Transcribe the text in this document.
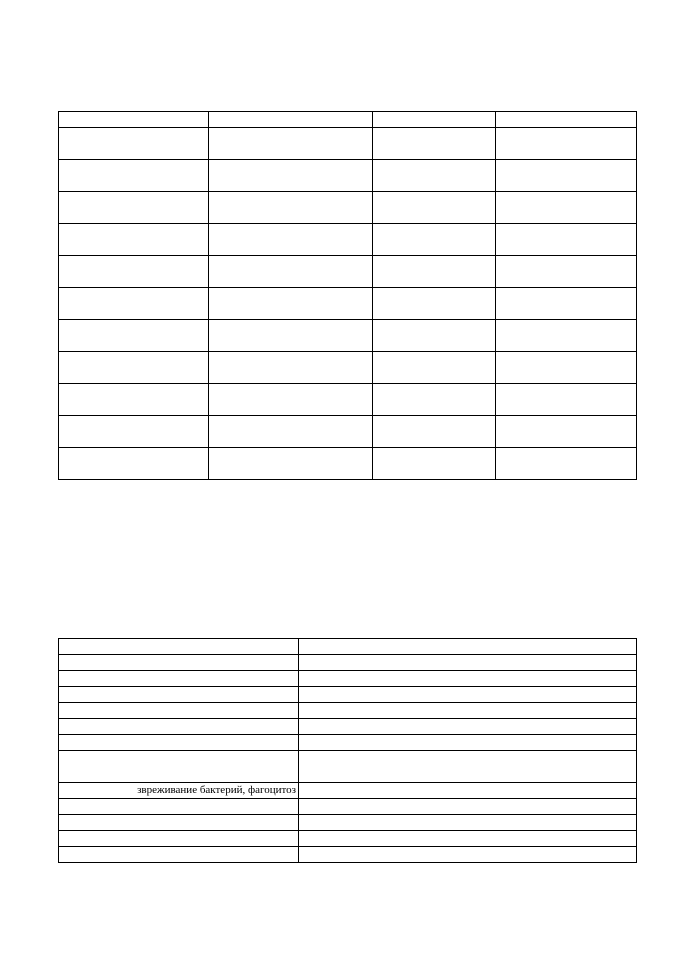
звреживание бактерий, фагоцитоз	
